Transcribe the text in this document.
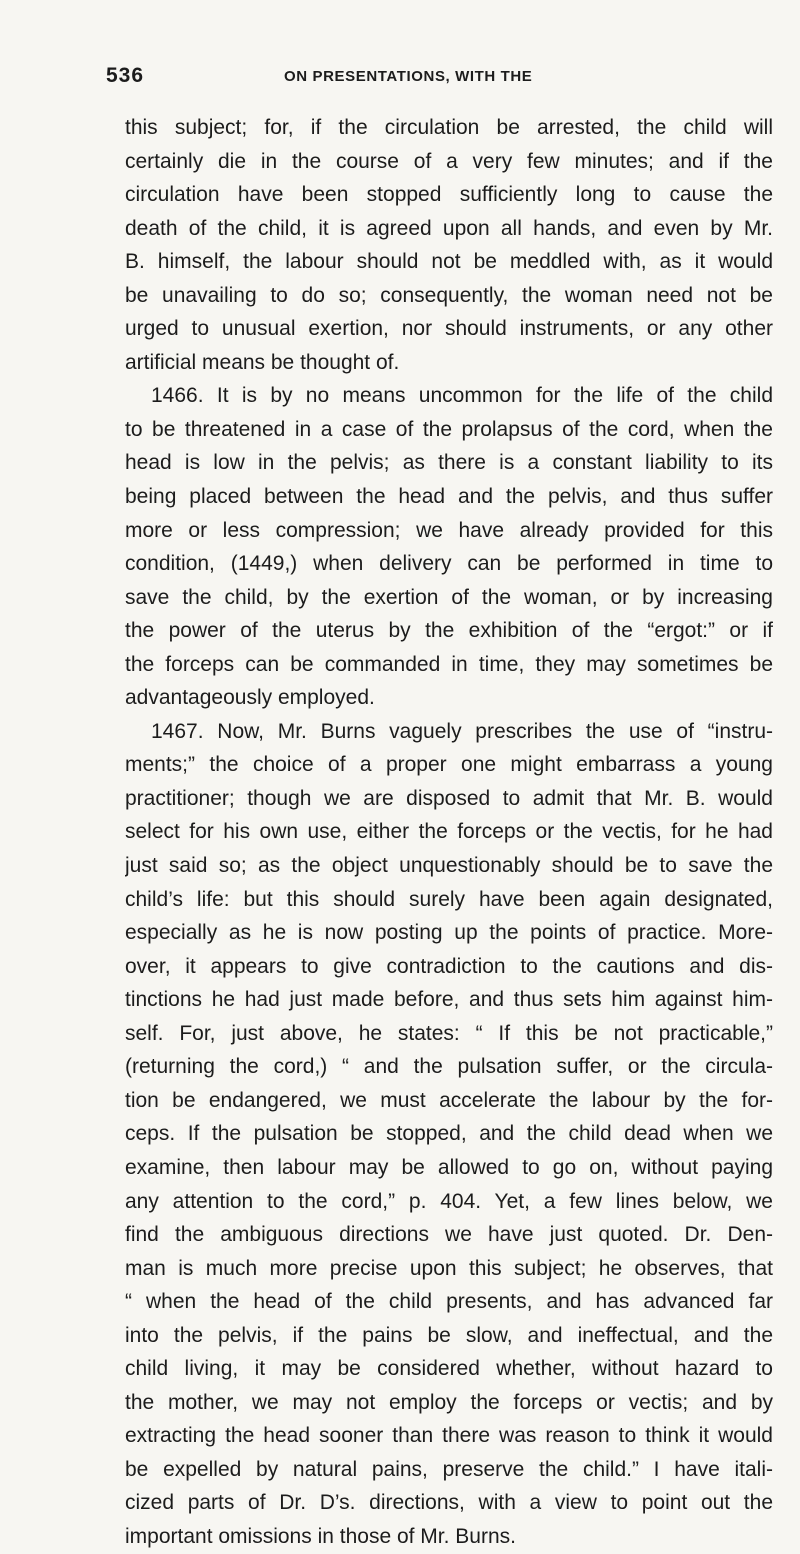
536	ON PRESENTATIONS, WITH THE
this subject; for, if the circulation be arrested, the child will
certainly die in the course of a very few minutes; and if the
circulation have been stopped sufficiently long to cause the
death of the child, it is agreed upon all hands, and even by Mr.
B. himself, the labour should not be meddled with, as it would
be unavailing to do so; consequently, the woman need not be
urged to unusual exertion, nor should instruments, or any other
artificial means be thought of.
1466. It is by no means uncommon for the life of the child
to be threatened in a case of the prolapsus of the cord, when the
head is low in the pelvis; as there is a constant liability to its
being placed between the head and the pelvis, and thus suffer
more or less compression; we have already provided for this
condition, (1449,) when delivery can be performed in time to
save the child, by the exertion of the woman, or by increasing
the power of the uterus by the exhibition of the “ergot:” or if
the forceps can be commanded in time, they may sometimes be
advantageously employed.
1467. Now, Mr. Burns vaguely prescribes the use of “instru-
ments;” the choice of a proper one might embarrass a young
practitioner; though we are disposed to admit that Mr. B. would
select for his own use, either the forceps or the vectis, for he had
just said so; as the object unquestionably should be to save the
child’s life: but this should surely have been again designated,
especially as he is now posting up the points of practice. More-
over, it appears to give contradiction to the cautions and dis-
tinctions he had just made before, and thus sets him against him-
self. For, just above, he states: “ If this be not practicable,”
(returning the cord,) “ and the pulsation suffer, or the circula-
tion be endangered, we must accelerate the labour by the for-
ceps. If the pulsation be stopped, and the child dead when we
examine, then labour may be allowed to go on, without paying
any attention to the cord,” p. 404. Yet, a few lines below, we
find the ambiguous directions we have just quoted. Dr. Den-
man is much more precise upon this subject; he observes, that
“ when the head of the child presents, and has advanced far
into the pelvis, if the pains be slow, and ineffectual, and the
child living, it may be considered whether, without hazard to
the mother, we may not employ the forceps or vectis; and by
extracting the head sooner than there was reason to think it would
be expelled by natural pains, preserve the child.” I have itali-
cized parts of Dr. D’s. directions, with a view to point out the
important omissions in those of Mr. Burns.
